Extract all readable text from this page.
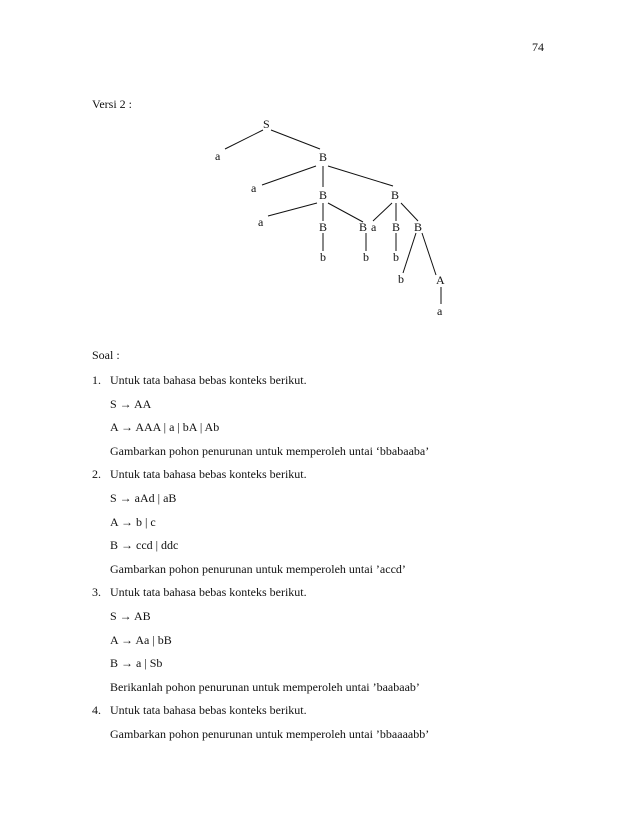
74
Versi 2 :
S
a	B
a	B	B
a	B	B a B B
b	b b
b	A
a
Soal :
1. Untuk tata bahasa bebas konteks berikut.
S → AA
A → AAA | a | bA | Ab
Gambarkan pohon penurunan untuk memperoleh untai ‘bbabaaba’
2. Untuk tata bahasa bebas konteks berikut.
S → aAd | aB
A → b | c
B → ccd | ddc
Gambarkan pohon penurunan untuk memperoleh untai ’accd’
3. Untuk tata bahasa bebas konteks berikut.
S → AB
A → Aa | bB
B → a | Sb
Berikanlah pohon penurunan untuk memperoleh untai ’baabaab’
4. Untuk tata bahasa bebas konteks berikut.
Gambarkan pohon penurunan untuk memperoleh untai ’bbaaaabb’
